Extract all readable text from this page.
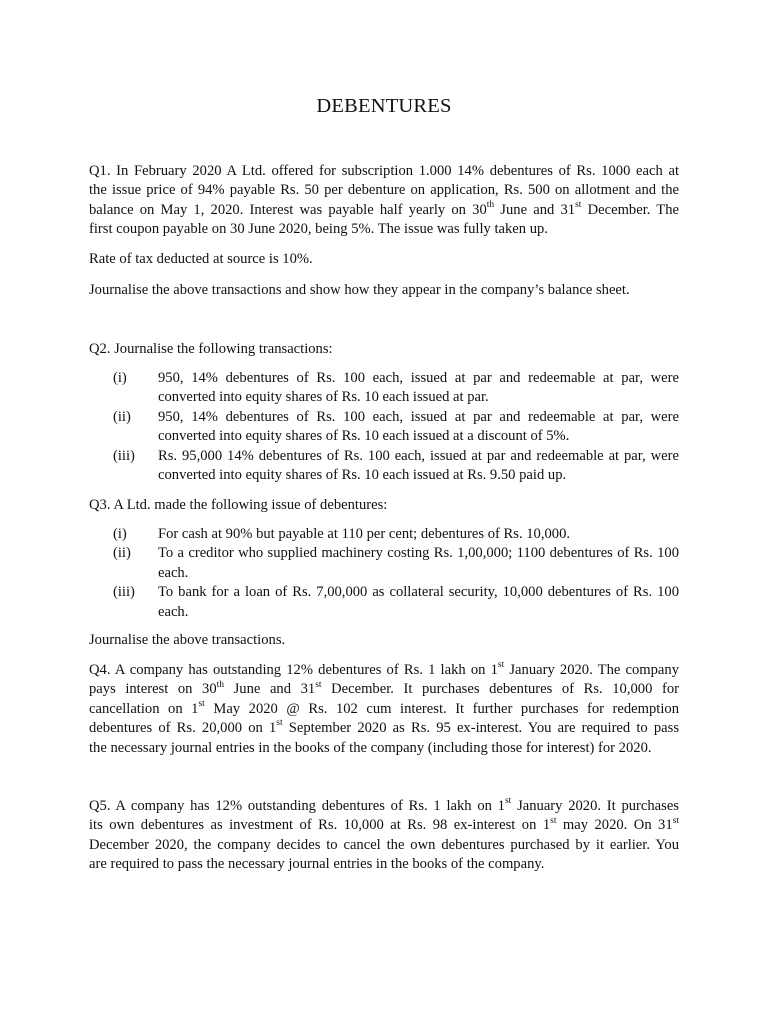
DEBENTURES
Q1. In February 2020 A Ltd. offered for subscription 1.000 14% debentures of Rs. 1000 each at
the issue price of 94% payable Rs. 50 per debenture on application, Rs. 500 on allotment and the
balance on May 1, 2020. Interest was payable half yearly on 30th June and 31st December. The
first coupon payable on 30 June 2020, being 5%. The issue was fully taken up.
Rate of tax deducted at source is 10%.
Journalise the above transactions and show how they appear in the company’s balance sheet.
Q2. Journalise the following transactions:
(i) 950, 14% debentures of Rs. 100 each, issued at par and redeemable at par, were converted into equity shares of Rs. 10 each issued at par.
(ii) 950, 14% debentures of Rs. 100 each, issued at par and redeemable at par, were converted into equity shares of Rs. 10 each issued at a discount of 5%.
(iii) Rs. 95,000 14% debentures of Rs. 100 each, issued at par and redeemable at par, were converted into equity shares of Rs. 10 each issued at Rs. 9.50 paid up.
Q3. A Ltd. made the following issue of debentures:
(i) For cash at 90% but payable at 110 per cent; debentures of Rs. 10,000.
(ii) To a creditor who supplied machinery costing Rs. 1,00,000; 1100 debentures of Rs. 100 each.
(iii) To bank for a loan of Rs. 7,00,000 as collateral security, 10,000 debentures of Rs. 100 each.
Journalise the above transactions.
Q4. A company has outstanding 12% debentures of Rs. 1 lakh on 1st January 2020. The company
pays interest on 30th June and 31st December. It purchases debentures of Rs. 10,000 for
cancellation on 1st May 2020 @ Rs. 102 cum interest. It further purchases for redemption
debentures of Rs. 20,000 on 1st September 2020 as Rs. 95 ex-interest. You are required to pass
the necessary journal entries in the books of the company (including those for interest) for 2020.
Q5. A company has 12% outstanding debentures of Rs. 1 lakh on 1st January 2020. It purchases
its own debentures as investment of Rs. 10,000 at Rs. 98 ex-interest on 1st may 2020. On 31st
December 2020, the company decides to cancel the own debentures purchased by it earlier. You
are required to pass the necessary journal entries in the books of the company.
